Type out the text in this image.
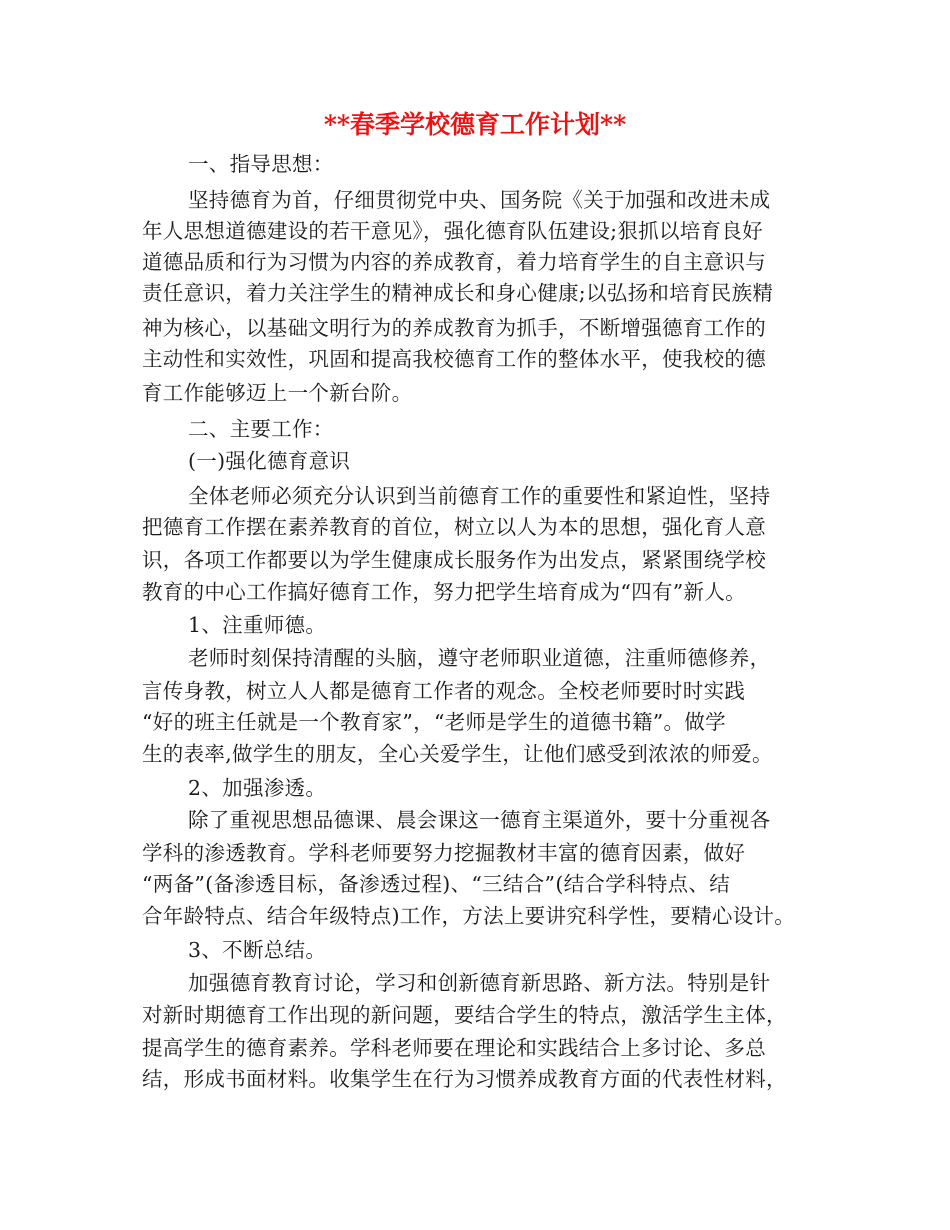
**春季学校德育工作计划**
一、指导思想：
坚持德育为首，仔细贯彻党中央、国务院《关于加强和改进未成
年人思想道德建设的若干意见》，强化德育队伍建设;狠抓以培育良好
道德品质和行为习惯为内容的养成教育，着力培育学生的自主意识与
责任意识，着力关注学生的精神成长和身心健康;以弘扬和培育民族精
神为核心，以基础文明行为的养成教育为抓手，不断增强德育工作的
主动性和实效性，巩固和提高我校德育工作的整体水平，使我校的德
育工作能够迈上一个新台阶。
二、主要工作：
(一)强化德育意识
全体老师必须充分认识到当前德育工作的重要性和紧迫性，坚持
把德育工作摆在素养教育的首位，树立以人为本的思想，强化育人意
识，各项工作都要以为学生健康成长服务作为出发点，紧紧围绕学校
教育的中心工作搞好德育工作，努力把学生培育成为“四有”新人。
1、注重师德。
老师时刻保持清醒的头脑，遵守老师职业道德，注重师德修养，
言传身教，树立人人都是德育工作者的观念。全校老师要时时实践
“好的班主任就是一个教育家”，“老师是学生的道德书籍”。做学
生的表率,做学生的朋友，全心关爱学生，让他们感受到浓浓的师爱。
2、加强渗透。
除了重视思想品德课、晨会课这一德育主渠道外，要十分重视各
学科的渗透教育。学科老师要努力挖掘教材丰富的德育因素，做好
“两备”(备渗透目标，备渗透过程)、“三结合”(结合学科特点、结
合年龄特点、结合年级特点)工作，方法上要讲究科学性，要精心设计。
3、不断总结。
加强德育教育讨论，学习和创新德育新思路、新方法。特别是针
对新时期德育工作出现的新问题，要结合学生的特点，激活学生主体，
提高学生的德育素养。学科老师要在理论和实践结合上多讨论、多总
结，形成书面材料。收集学生在行为习惯养成教育方面的代表性材料，
